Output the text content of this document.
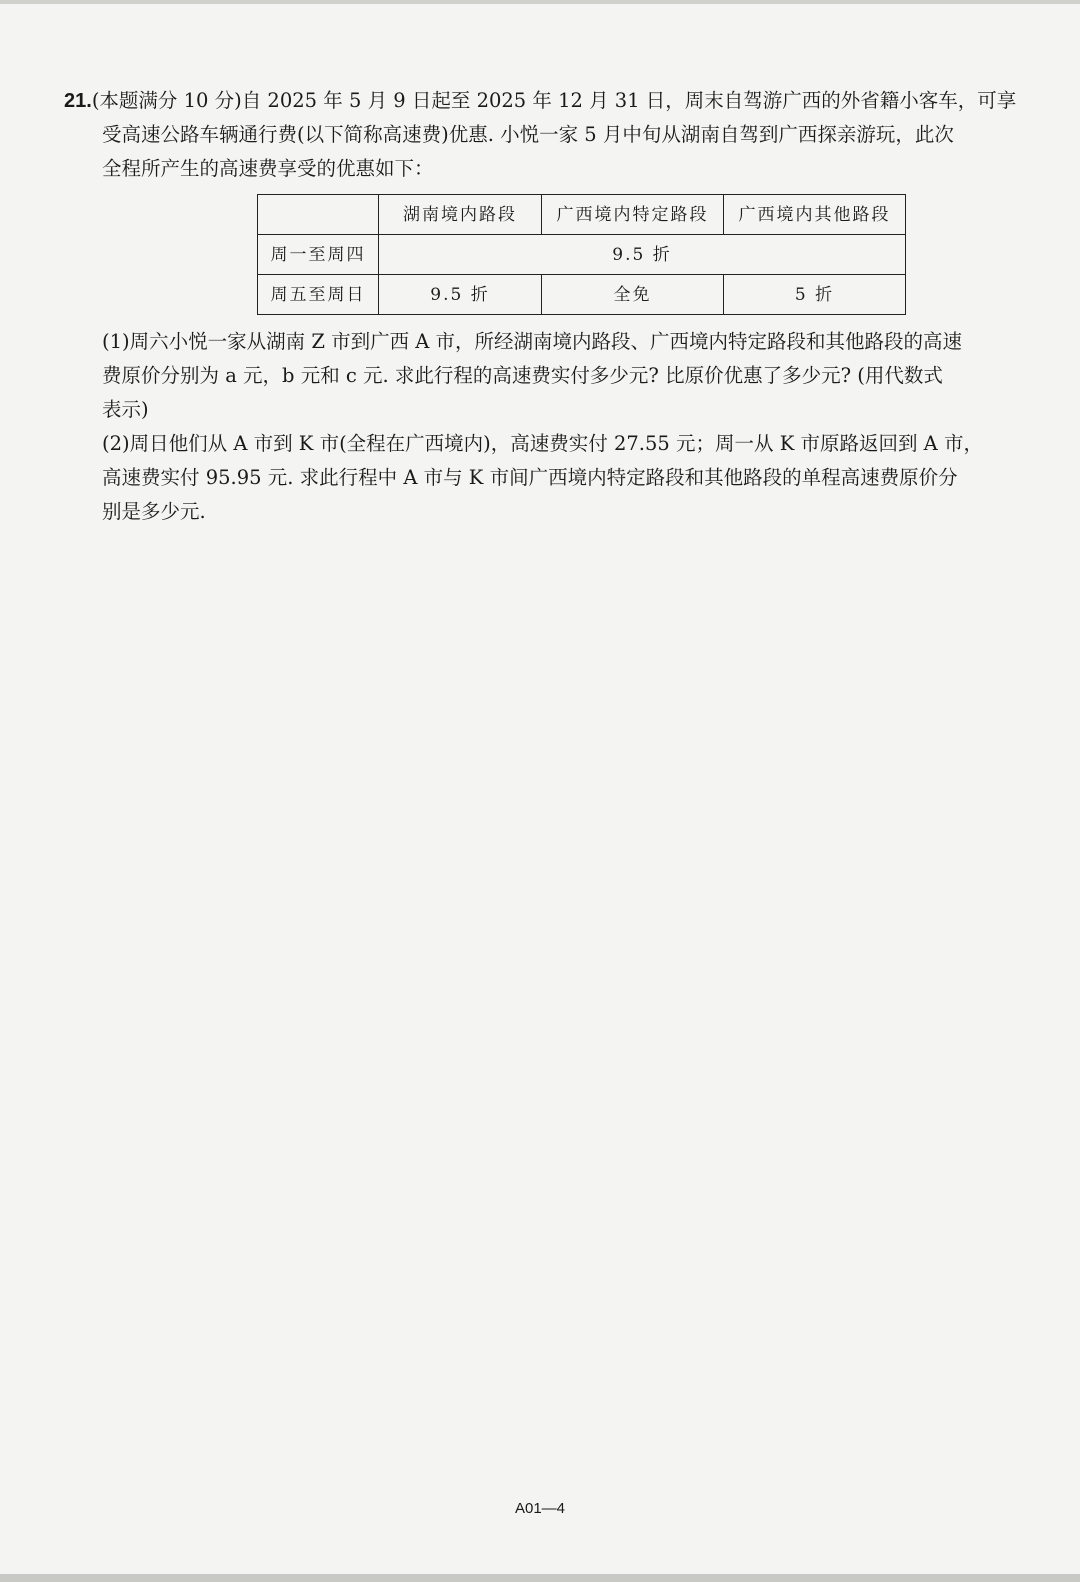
21.(本题满分 10 分)自 2025 年 5 月 9 日起至 2025 年 12 月 31 日，周末自驾游广西的外省籍小客车，可享
受高速公路车辆通行费(以下简称高速费)优惠. 小悦一家 5 月中旬从湖南自驾到广西探亲游玩，此次
全程所产生的高速费享受的优惠如下：
	湖南境内路段	广西境内特定路段	广西境内其他路段
周一至周四	9.5 折		
周五至周日	9.5 折	全免	5 折
(1)周六小悦一家从湖南 Z 市到广西 A 市，所经湖南境内路段、广西境内特定路段和其他路段的高速
费原价分别为 a 元，b 元和 c 元. 求此行程的高速费实付多少元? 比原价优惠了多少元? (用代数式
表示)
(2)周日他们从 A 市到 K 市(全程在广西境内)，高速费实付 27.55 元；周一从 K 市原路返回到 A 市，
高速费实付 95.95 元. 求此行程中 A 市与 K 市间广西境内特定路段和其他路段的单程高速费原价分
别是多少元.
A01—4
